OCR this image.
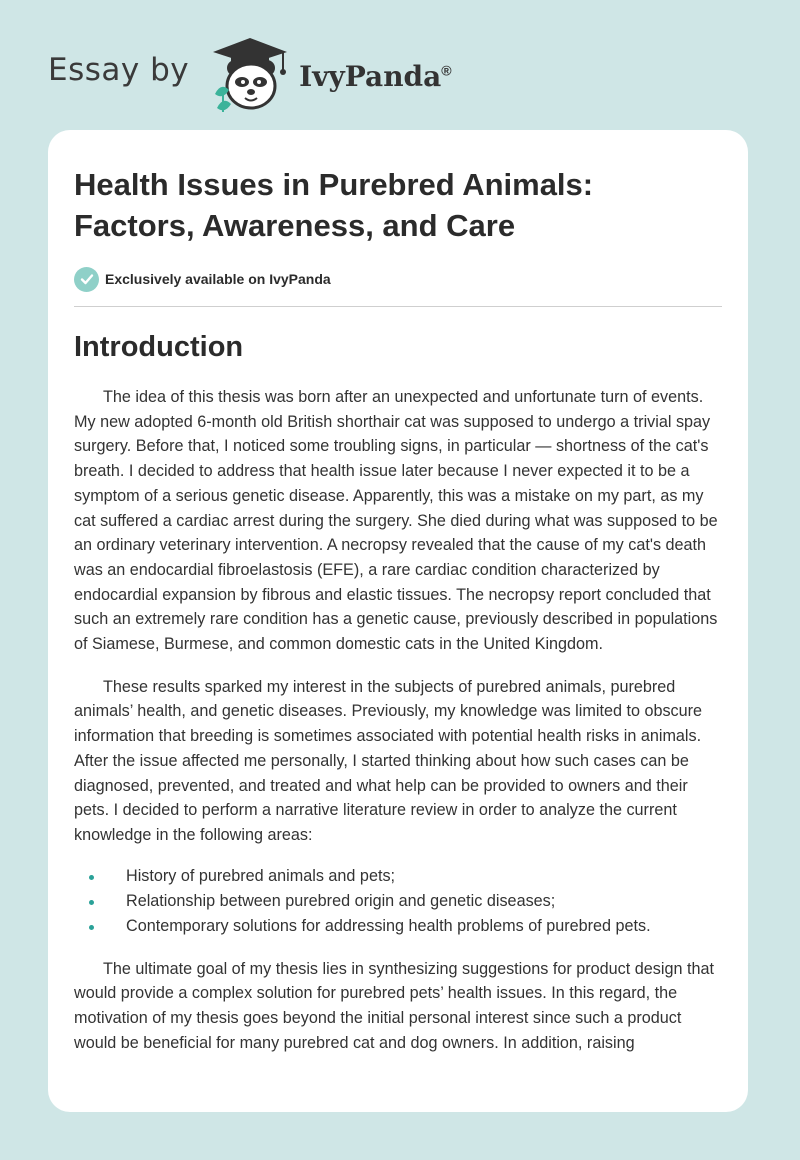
Essay by	IvyPanda®
Health Issues in Purebred Animals: Factors, Awareness, and Care
Exclusively available on IvyPanda
Introduction

The idea of this thesis was born after an unexpected and unfortunate turn of events. My new adopted 6-month old British shorthair cat was supposed to undergo a trivial spay surgery. Before that, I noticed some troubling signs, in particular — shortness of the cat's breath. I decided to address that health issue later because I never expected it to be a symptom of a serious genetic disease. Apparently, this was a mistake on my part, as my cat suffered a cardiac arrest during the surgery. She died during what was supposed to be an ordinary veterinary intervention. A necropsy revealed that the cause of my cat's death was an endocardial fibroelastosis (EFE), a rare cardiac condition characterized by endocardial expansion by fibrous and elastic tissues. The necropsy report concluded that such an extremely rare condition has a genetic cause, previously described in populations of Siamese, Burmese, and common domestic cats in the United Kingdom.

These results sparked my interest in the subjects of purebred animals, purebred animals’ health, and genetic diseases. Previously, my knowledge was limited to obscure information that breeding is sometimes associated with potential health risks in animals. After the issue affected me personally, I started thinking about how such cases can be diagnosed, prevented, and treated and what help can be provided to owners and their pets. I decided to perform a narrative literature review in order to analyze the current knowledge in the following areas:

History of purebred animals and pets;
Relationship between purebred origin and genetic diseases;
Contemporary solutions for addressing health problems of purebred pets.

The ultimate goal of my thesis lies in synthesizing suggestions for product design that would provide a complex solution for purebred pets’ health issues. In this regard, the motivation of my thesis goes beyond the initial personal interest since such a product would be beneficial for many purebred cat and dog owners. In addition, raising
